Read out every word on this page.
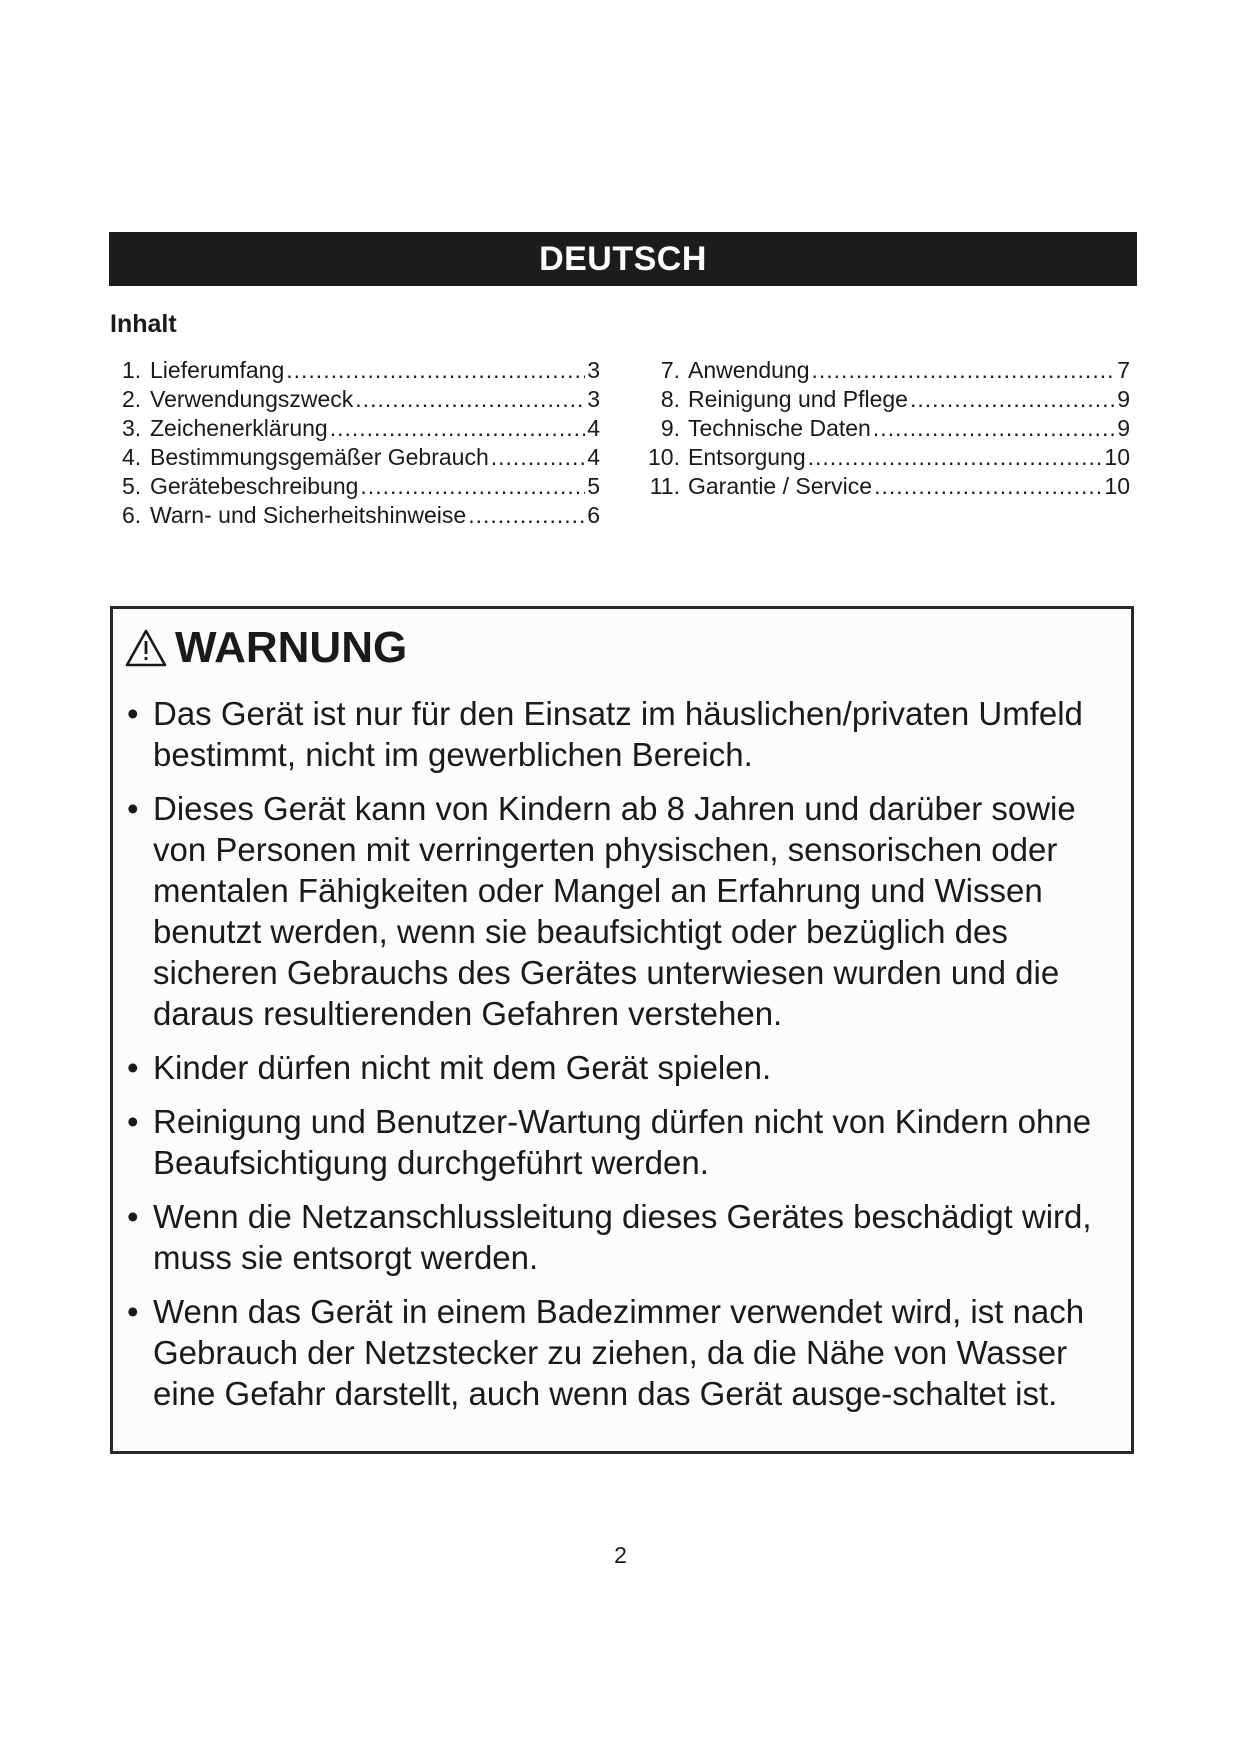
DEUTSCH
Inhalt
1. Lieferumfang .....	3
2. Verwendungszweck .....	3
3. Zeichenerklärung .....	4
4. Bestimmungsgemäßer Gebrauch .....	4
5. Gerätebeschreibung .....	5
6. Warn- und Sicherheitshinweise .....	6
7. Anwendung .....	7
8. Reinigung und Pflege .....	9
9. Technische Daten .....	9
10. Entsorgung .....	10
11. Garantie / Service .....	10
WARNUNG
• Das Gerät ist nur für den Einsatz im häuslichen/privaten Umfeld bestimmt, nicht im gewerblichen Bereich.
• Dieses Gerät kann von Kindern ab 8 Jahren und darüber sowie von Personen mit verringerten physischen, sensorischen oder mentalen Fähigkeiten oder Mangel an Erfahrung und Wissen benutzt werden, wenn sie beaufsichtigt oder bezüglich des sicheren Gebrauchs des Gerätes unterwiesen wurden und die daraus resultierenden Gefahren verstehen.
• Kinder dürfen nicht mit dem Gerät spielen.
• Reinigung und Benutzer-Wartung dürfen nicht von Kindern ohne Beaufsichtigung durchgeführt werden.
• Wenn die Netzanschlussleitung dieses Gerätes beschädigt wird, muss sie entsorgt werden.
• Wenn das Gerät in einem Badezimmer verwendet wird, ist nach Gebrauch der Netzstecker zu ziehen, da die Nähe von Wasser eine Gefahr darstellt, auch wenn das Gerät ausge-schaltet ist.
2
